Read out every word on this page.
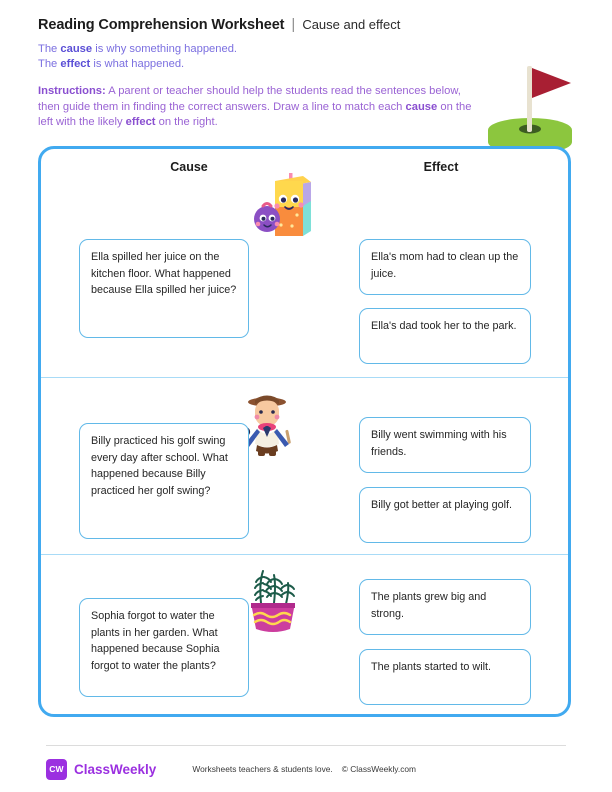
Reading Comprehension Worksheet | Cause and effect
The cause is why something happened.
The effect is what happened.
Instructions: A parent or teacher should help the students read the sentences below, then guide them in finding the correct answers. Draw a line to match each cause on the left with the likely effect on the right.
Cause	Effect
Ella spilled her juice on the kitchen floor. What happened because Ella spilled her juice?
Ella's mom had to clean up the juice.
Ella's dad took her to the park.
Billy practiced his golf swing every day after school. What happened because Billy practiced her golf swing?
Billy went swimming with his friends.
Billy got better at playing golf.
Sophia forgot to water the plants in her garden. What happened because Sophia forgot to water the plants?
The plants grew big and strong.
The plants started to wilt.
CW ClassWeekly	Worksheets teachers & students love. © ClassWeekly.com
